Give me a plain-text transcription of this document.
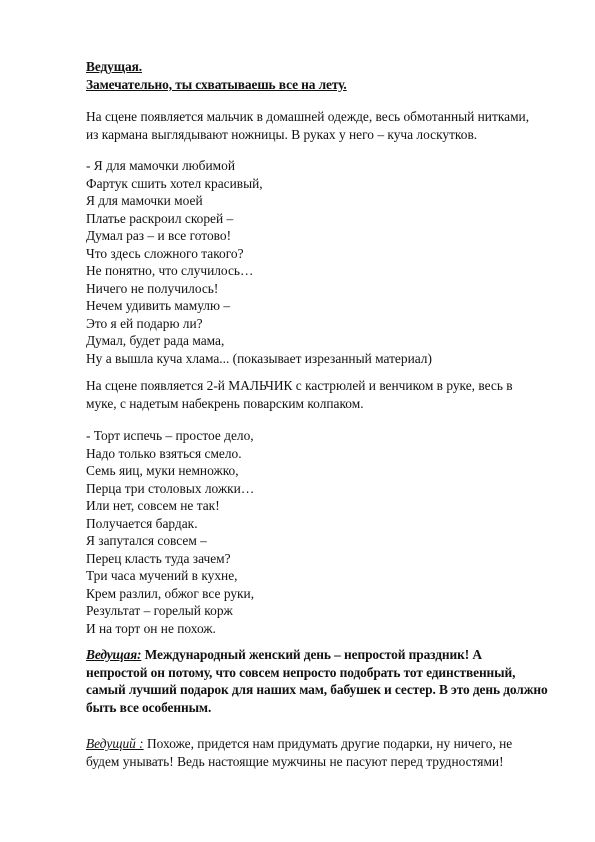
Ведущая.
Замечательно, ты схватываешь все на лету.
На сцене появляется мальчик в домашней одежде, весь обмотанный нитками,
из кармана выглядывают ножницы. В руках у него – куча лоскутков.
- Я для мамочки любимой
Фартук сшить хотел красивый,
Я для мамочки моей
Платье раскроил скорей –
Думал раз – и все готово!
Что здесь сложного такого?
Не понятно, что случилось…
Ничего не получилось!
Нечем удивить мамулю –
Это я ей подарю ли?
Думал, будет рада мама,
Ну а вышла куча хлама... (показывает изрезанный материал)
На сцене появляется 2-й МАЛЬЧИК с кастрюлей и венчиком в руке, весь в
муке, с надетым набекрень поварским колпаком.
- Торт испечь – простое дело,
Надо только взяться смело.
Семь яиц, муки немножко,
Перца три столовых ложки…
Или нет, совсем не так!
Получается бардак.
Я запутался совсем –
Перец класть туда зачем?
Три часа мучений в кухне,
Крем разлил, обжог все руки,
Результат – горелый корж
И на торт он не похож.
Ведущая: Международный женский день – непростой праздник! А
непростой он потому, что совсем непросто подобрать тот единственный,
самый лучший подарок для наших мам, бабушек и сестер. В это день должно
быть все особенным.
Ведущий : Похоже, придется нам придумать другие подарки, ну ничего, не
будем унывать! Ведь настоящие мужчины не пасуют перед трудностями!
